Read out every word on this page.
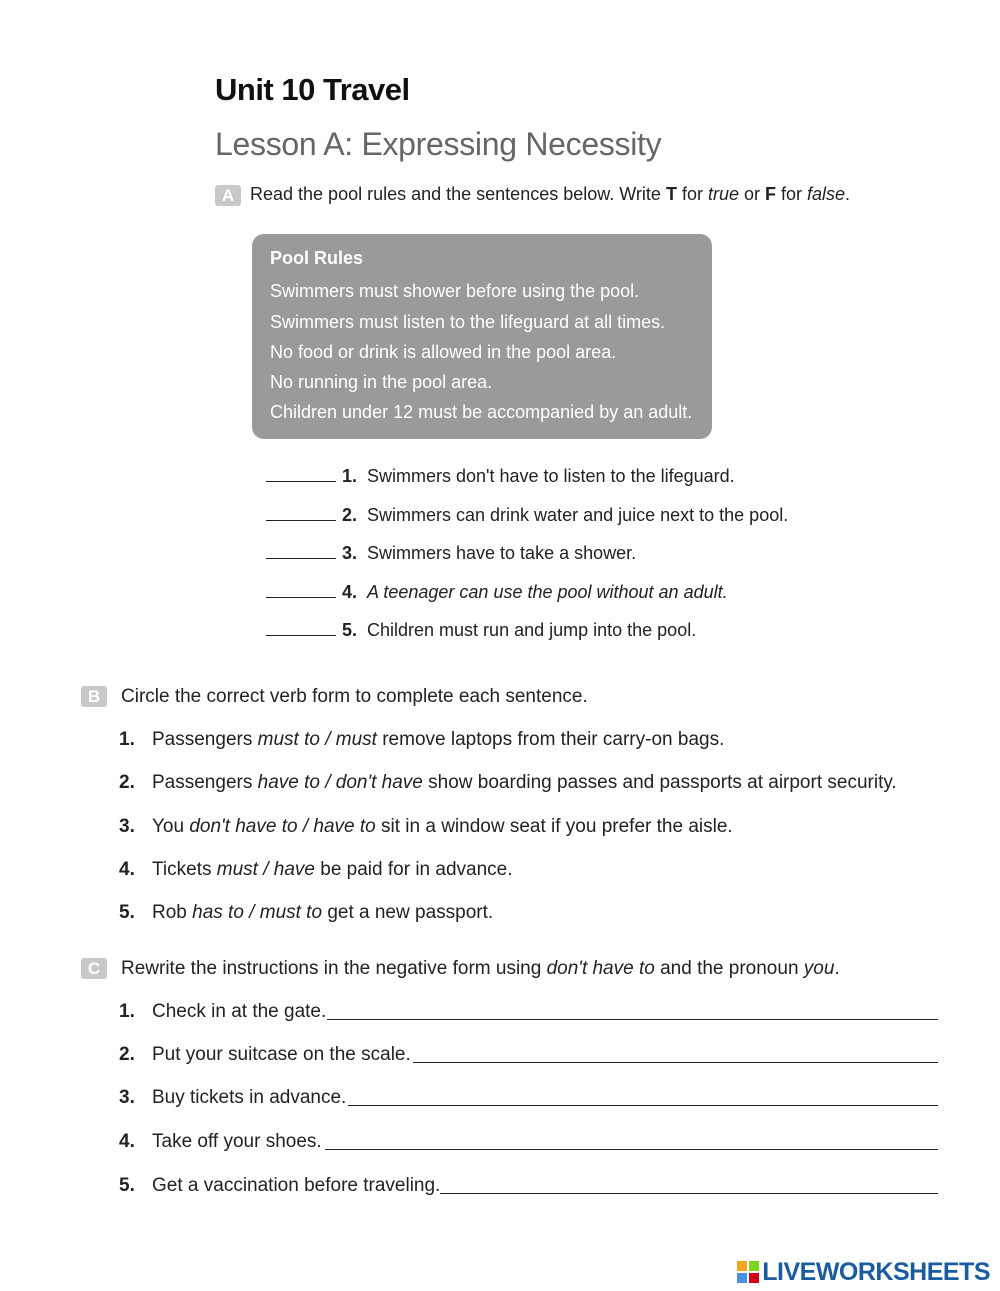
Unit 10 Travel
Lesson A: Expressing Necessity
A Read the pool rules and the sentences below. Write T for true or F for false.
Pool Rules
Swimmers must shower before using the pool.
Swimmers must listen to the lifeguard at all times.
No food or drink is allowed in the pool area.
No running in the pool area.
Children under 12 must be accompanied by an adult.
1. Swimmers don't have to listen to the lifeguard.
2. Swimmers can drink water and juice next to the pool.
3. Swimmers have to take a shower.
4. A teenager can use the pool without an adult.
5. Children must run and jump into the pool.
B	Circle the correct verb form to complete each sentence.
1. Passengers must to / must remove laptops from their carry-on bags.
2. Passengers have to / don't have show boarding passes and passports at airport security.
3. You don't have to / have to sit in a window seat if you prefer the aisle.
4. Tickets must / have be paid for in advance.
5. Rob has to / must to get a new passport.
C	Rewrite the instructions in the negative form using don't have to and the pronoun you.
1. Check in at the gate.
2. Put your suitcase on the scale.
3. Buy tickets in advance.
4. Take off your shoes.
5. Get a vaccination before traveling.
LIVEWORKSHEETS
